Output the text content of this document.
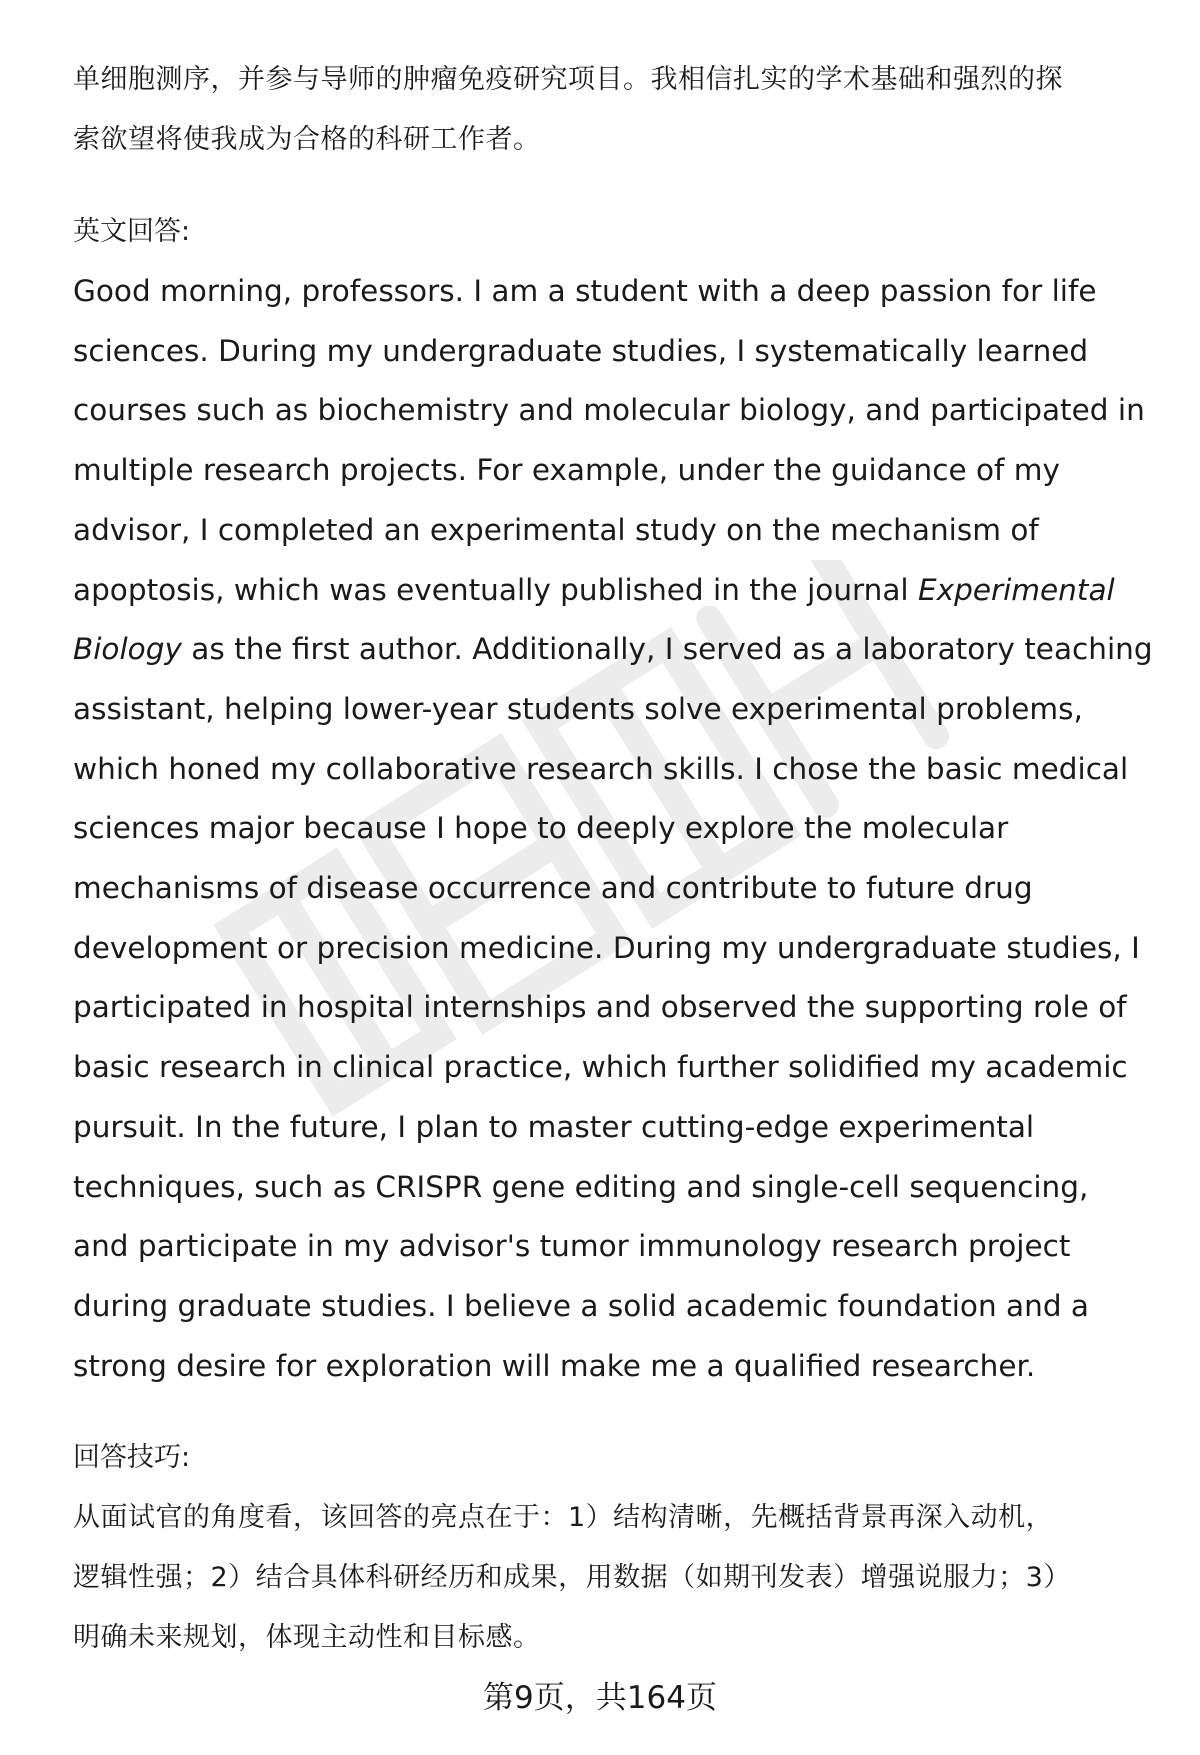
单细胞测序，并参与导师的肿瘤免疫研究项目。我相信扎实的学术基础和强烈的探

索欲望将使我成为合格的科研工作者。

英文回答:

Good morning, professors. I am a student with a deep passion for life sciences. During my undergraduate studies, I systematically learned courses such as biochemistry and molecular biology, and participated in multiple research projects. For example, under the guidance of my advisor, I completed an experimental study on the mechanism of apoptosis, which was eventually published in the journal Experimental Biology as the first author. Additionally, I served as a laboratory teaching assistant, helping lower-year students solve experimental problems, which honed my collaborative research skills. I chose the basic medical sciences major because I hope to deeply explore the molecular mechanisms of disease occurrence and contribute to future drug development or precision medicine. During my undergraduate studies, I participated in hospital internships and observed the supporting role of basic research in clinical practice, which further solidified my academic pursuit. In the future, I plan to master cutting-edge experimental techniques, such as CRISPR gene editing and single-cell sequencing, and participate in my advisor's tumor immunology research project during graduate studies. I believe a solid academic foundation and a strong desire for exploration will make me a qualified researcher.

回答技巧:

从面试官的角度看，该回答的亮点在于：1）结构清晰，先概括背景再深入动机，

逻辑性强；2）结合具体科研经历和成果，用数据（如期刊发表）增强说服力；3）

明确未来规划，体现主动性和目标感。

第9页，共164页
